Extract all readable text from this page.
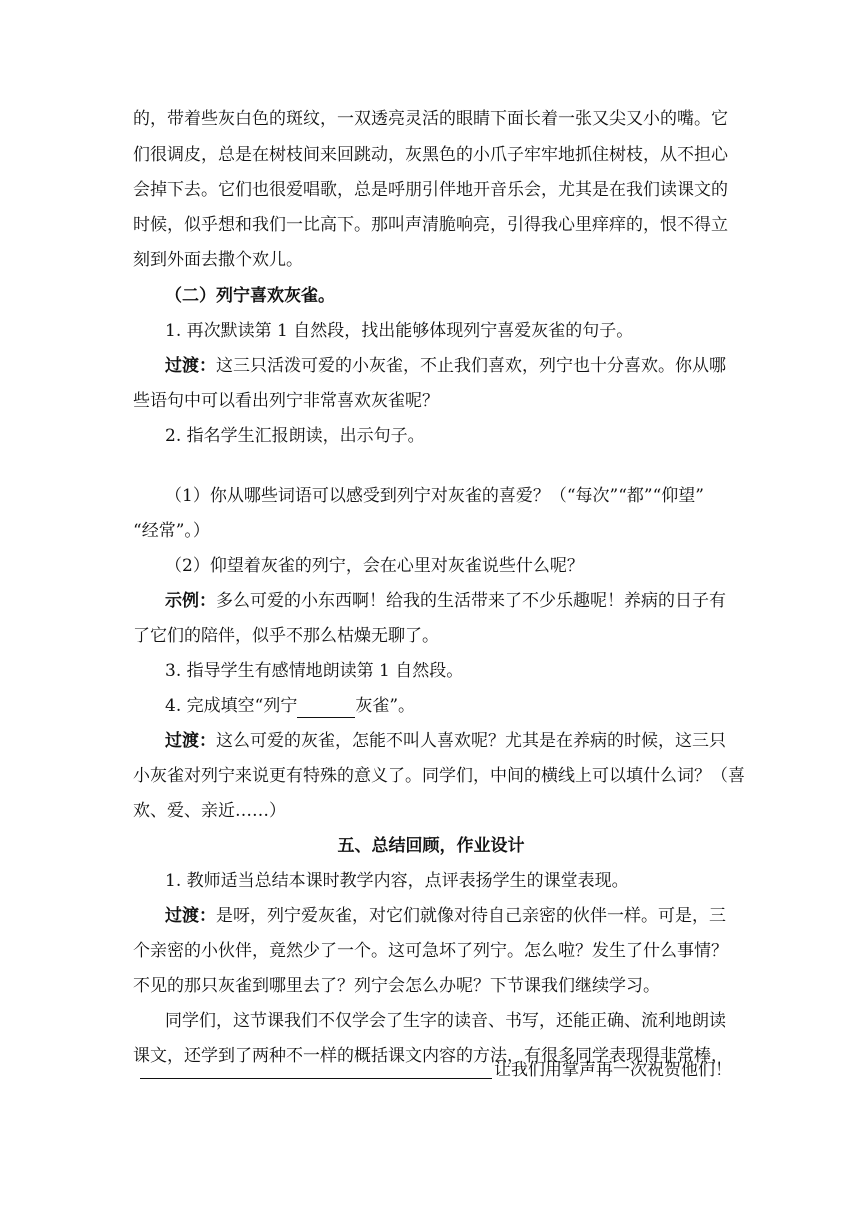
的，带着些灰白色的斑纹，一双透亮灵活的眼睛下面长着一张又尖又小的嘴。它
们很调皮，总是在树枝间来回跳动，灰黑色的小爪子牢牢地抓住树枝，从不担心
会掉下去。它们也很爱唱歌，总是呼朋引伴地开音乐会，尤其是在我们读课文的
时候，似乎想和我们一比高下。那叫声清脆响亮，引得我心里痒痒的，恨不得立
刻到外面去撒个欢儿。
（二）列宁喜欢灰雀。
1. 再次默读第 1 自然段，找出能够体现列宁喜爱灰雀的句子。
过渡：这三只活泼可爱的小灰雀，不止我们喜欢，列宁也十分喜欢。你从哪
些语句中可以看出列宁非常喜欢灰雀呢？
2. 指名学生汇报朗读，出示句子。
（1）你从哪些词语可以感受到列宁对灰雀的喜爱？（“每次”“都”“仰望”
“经常”。）
（2）仰望着灰雀的列宁，会在心里对灰雀说些什么呢？
示例：多么可爱的小东西啊！给我的生活带来了不少乐趣呢！养病的日子有
了它们的陪伴，似乎不那么枯燥无聊了。
3. 指导学生有感情地朗读第 1 自然段。
4. 完成填空“列宁	灰雀”。
过渡：这么可爱的灰雀，怎能不叫人喜欢呢？尤其是在养病的时候，这三只
小灰雀对列宁来说更有特殊的意义了。同学们，中间的横线上可以填什么词？（喜
欢、爱、亲近……）
五、总结回顾，作业设计
1. 教师适当总结本课时教学内容，点评表扬学生的课堂表现。
过渡：是呀，列宁爱灰雀，对它们就像对待自己亲密的伙伴一样。可是，三
个亲密的小伙伴，竟然少了一个。这可急坏了列宁。怎么啦？发生了什么事情？
不见的那只灰雀到哪里去了？列宁会怎么办呢？下节课我们继续学习。
同学们，这节课我们不仅学会了生字的读音、书写，还能正确、流利地朗读
课文，还学到了两种不一样的概括课文内容的方法，有很多同学表现得非常棒，
让我们用掌声再一次祝贺他们！
